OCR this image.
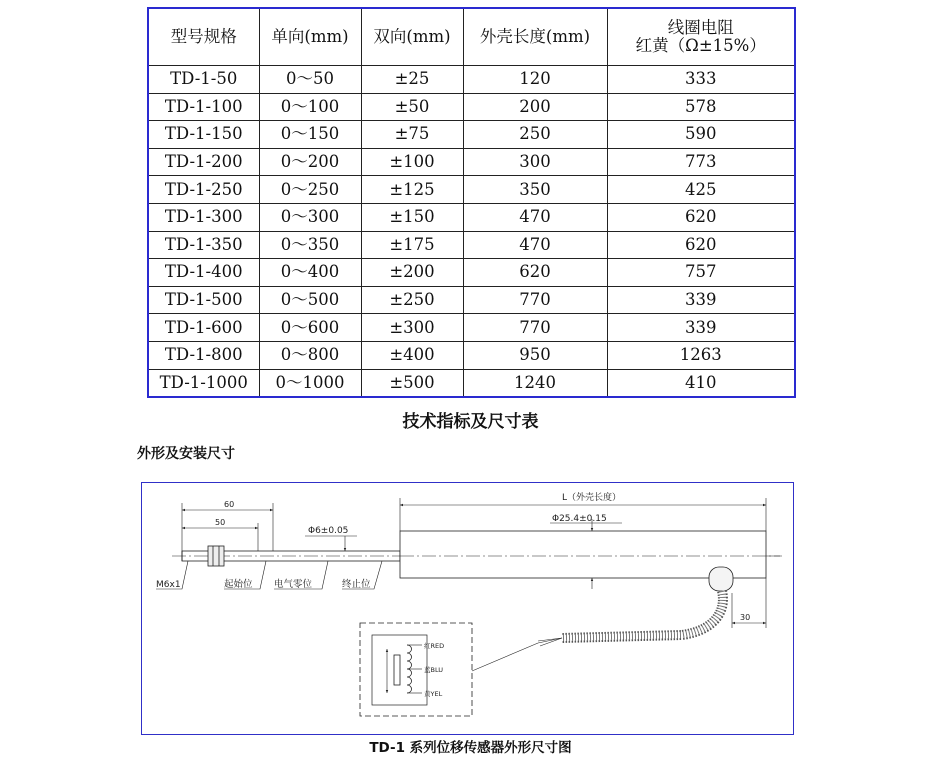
型号规格	单向(mm)	双向(mm)	外壳长度(mm)	线圈电阻
红黄（Ω±15%）

TD-1-50	0～50	±25	120	333
TD-1-100	0～100	±50	200	578
TD-1-150	0～150	±75	250	590
TD-1-200	0～200	±100	300	773
TD-1-250	0～250	±125	350	425
TD-1-300	0～300	±150	470	620
TD-1-350	0～350	±175	470	620
TD-1-400	0～400	±200	620	757
TD-1-500	0～500	±250	770	339
TD-1-600	0～600	±300	770	339
TD-1-800	0～800	±400	950	1263
TD-1-1000	0～1000	±500	1240	410
技术指标及尺寸表
外形及安装尺寸
60
50
Φ6±0.05
L（外壳长度）
Φ25.4±0.15
30
M6x1	起始位 电气零位	终止位
红RED
蓝BLU
黄YEL
TD-1 系列位移传感器外形尺寸图
